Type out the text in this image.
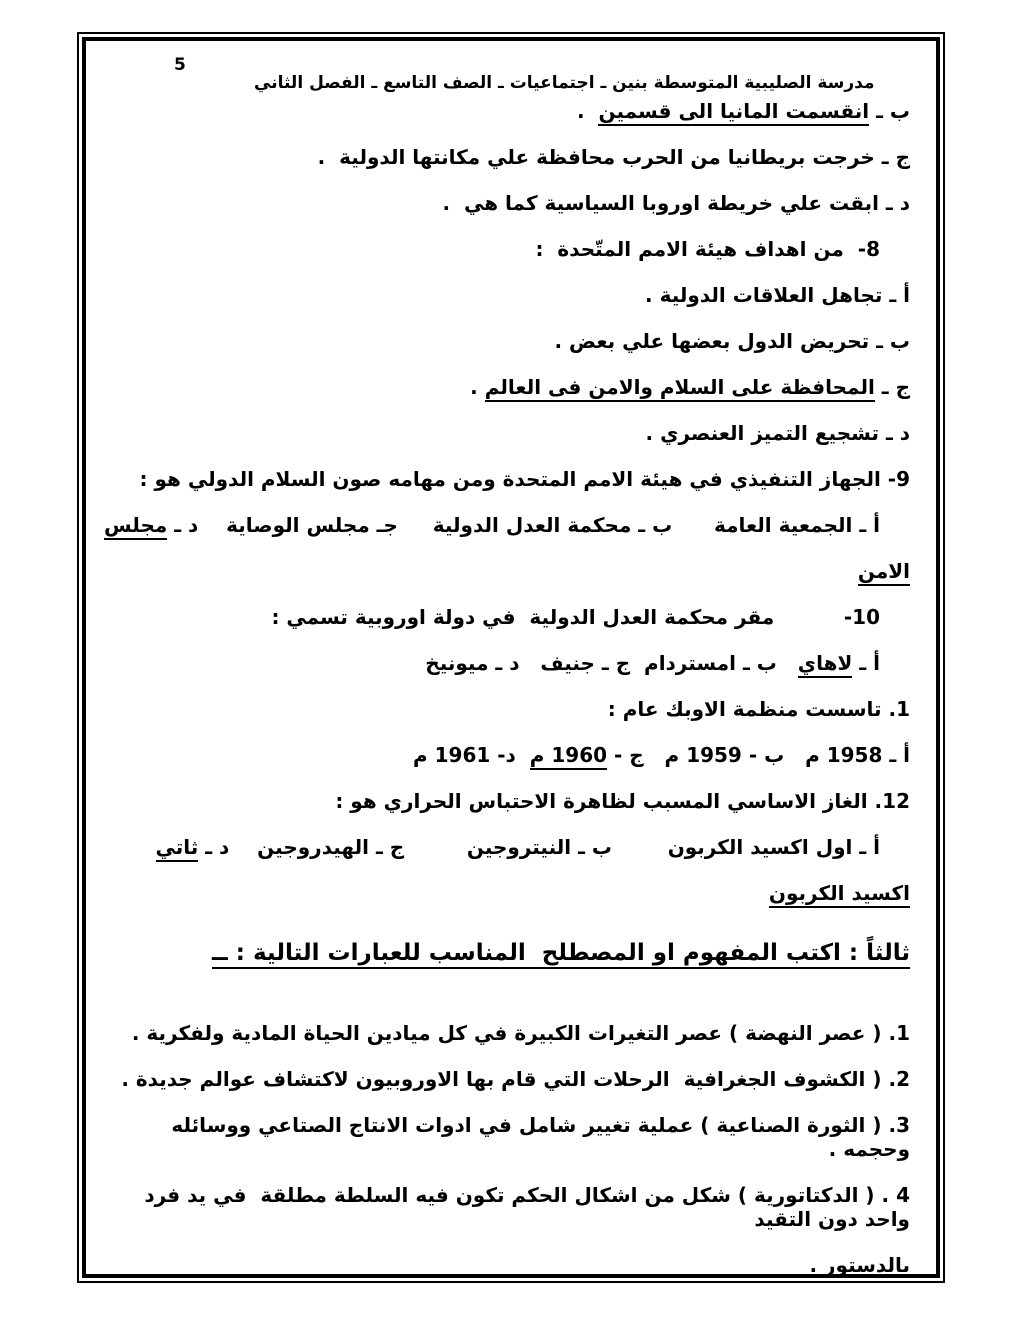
مدرسة الصليبية المتوسطة بنين ـ اجتماعيات ـ الصف التاسع ـ الفصل الثاني

5

ب ـ انقسمت المانيا الى قسمين  .
ج ـ خرجت بريطانيا من الحرب محافظة علي مكانتها الدولية  .
د ـ ابقت علي خريطة اوروبا السياسية كما هي  .
8-  من اهداف هيئة الامم المتّحدة  :
أ ـ تجاهل العلاقات الدولية .
ب ـ تحريض الدول بعضها علي بعض .
ج ـ المحافظة على السلام والامن فى العالم .
د ـ تشجيع التميز العنصري .
9- الجهاز التنفيذي في هيئة الامم المتحدة ومن مهامه صون السلام الدولي هو :
أ ـ الجمعية العامة      ب ـ محكمة العدل الدولية     جـ مجلس الوصاية    د ـ مجلس
الامن
10-          مقر محكمة العدل الدولية  في دولة اوروبية تسمي :
أ ـ لاهاي   ب ـ امستردام  ج ـ جنيف   د ـ ميونيخ
1. تاسست منظمة الاوبك عام :
أ ـ 1958 م   ب - 1959 م   ج - 1960 م  د- 1961 م
12. الغاز الاساسي المسبب لظاهرة الاحتباس الحراري هو :
أ ـ اول اكسيد الكربون        ب ـ النيتروجين         ج ـ الهيدروجين    د ـ ثاتي
اكسيد الكربون
ثالثاً : اكتب المفهوم او المصطلح  المناسب للعبارات التالية : ــ
1. ( عصر النهضة ) عصر التغيرات الكبيرة في كل ميادين الحياة المادية ولفكرية .
2. ( الكشوف الجغرافية  الرحلات التي قام بها الاوروبيون لاكتشاف عوالم جديدة .
3. ( الثورة الصناعية ) عملية تغيير شامل في ادوات الانتاج الصتاعي ووسائله وحجمه .
4 . ( الدكتاتورية ) شكل من اشكال الحكم تكون فيه السلطة مطلقة  في يد فرد واحد دون التقيد
بالدستور .
